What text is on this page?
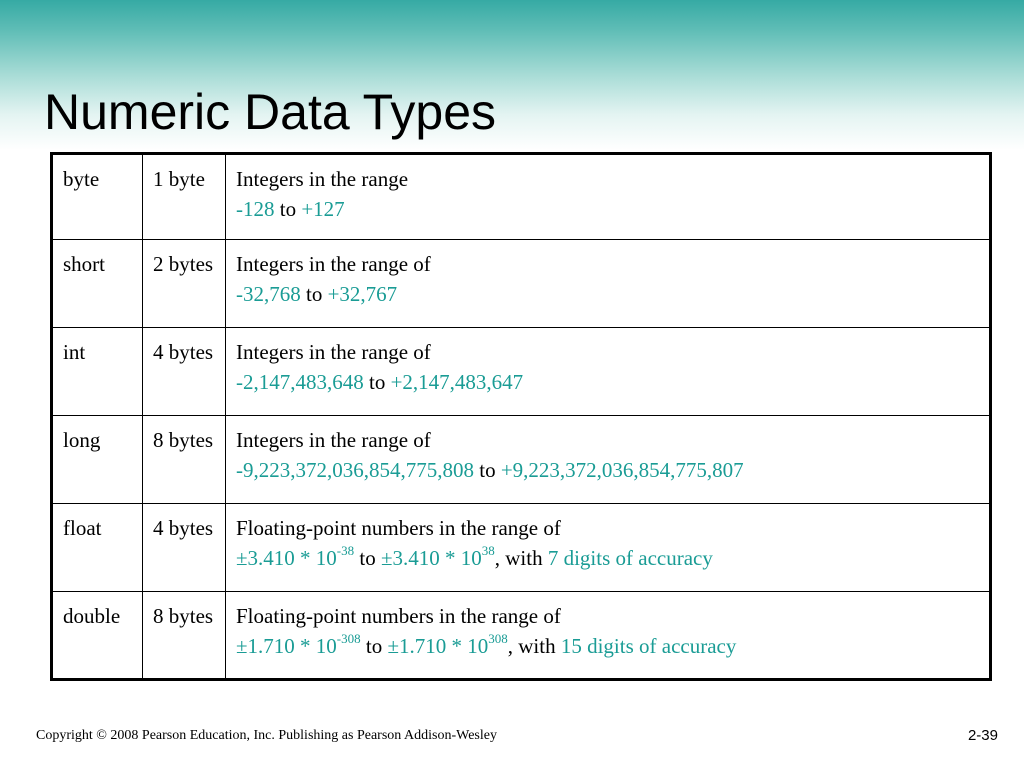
Numeric Data Types
byte	1 byte	Integers in the range
-128 to +127
short	2 bytes	Integers in the range of
-32,768 to +32,767
int	4 bytes	Integers in the range of
-2,147,483,648 to +2,147,483,647
long	8 bytes	Integers in the range of
-9,223,372,036,854,775,808 to +9,223,372,036,854,775,807
float	4 bytes	Floating-point numbers in the range of
$\pm 3.410 * 10^{-38}$ to $\pm 3.410 * 10^{38}$, with 7 digits of accuracy
double	8 bytes	Floating-point numbers in the range of
$\pm 1.710 * 10^{-308}$ to $\pm 1.710 * 10^{308}$, with 15 digits of accuracy
Copyright © 2008 Pearson Education, Inc. Publishing as Pearson Addison-Wesley	2-39
